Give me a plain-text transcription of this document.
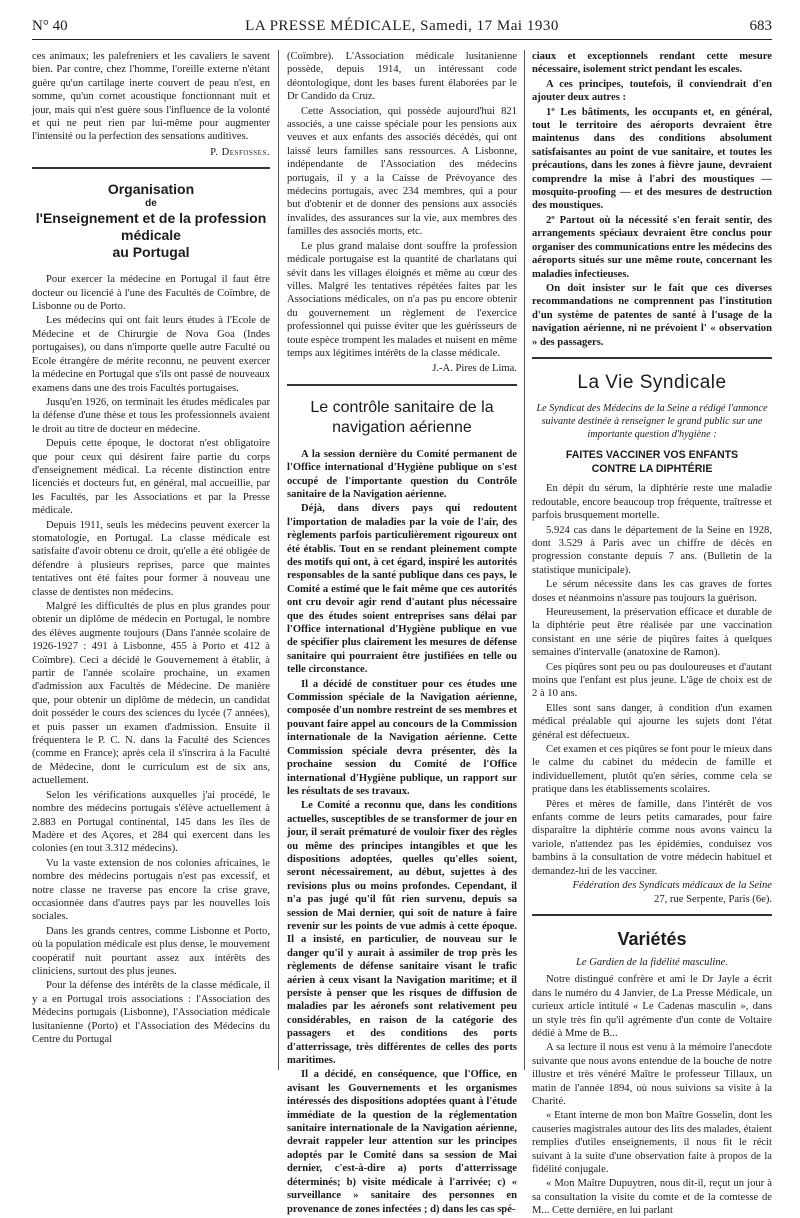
N° 40	LA PRESSE MÉDICALE, Samedi, 17 Mai 1930	683

ces animaux; les palefreniers et les cavaliers le savent bien. Par contre, chez l'homme, l'oreille externe n'étant guère qu'un cartilage inerte couvert de peau n'est, en somme, qu'un cornet acoustique fonctionnant nuit et jour, mais qui n'est guère sous l'influence de la volonté et qui ne peut rien par lui-même pour augmenter l'intensité ou la perfection des sensations auditives.

P. Desfosses.
Organisation
de
l'Enseignement et de la profession médicale
au Portugal

Pour exercer la médecine en Portugal il faut être docteur ou licencié à l'une des Facultés de Coïmbre, de Lisbonne ou de Porto.

Les médecins qui ont fait leurs études à l'Ecole de Médecine et de Chirurgie de Nova Goa (Indes portugaises), ou dans n'importe quelle autre Faculté ou Ecole étrangère de mérite reconnu, ne peuvent exercer la médecine en Portugal que s'ils ont passé de nouveaux examens dans une des trois Facultés portugaises.

Jusqu'en 1926, on terminait les études médicales par la défense d'une thèse et tous les professionnels avaient le droit au titre de docteur en médecine.

Depuis cette époque, le doctorat n'est obligatoire que pour ceux qui désirent faire partie du corps d'enseignement médical. La récente distinction entre licenciés et docteurs fut, en général, mal accueillie, par les Facultés, par les Associations et par la Presse médicale.

Depuis 1911, seuls les médecins peuvent exercer la stomatologie, en Portugal. La classe médicale est satisfaite d'avoir obtenu ce droit, qu'elle a été obligée de défendre à plusieurs reprises, parce que maintes tentatives ont été faites pour former à nouveau une classe de dentistes non médecins.

Malgré les difficultés de plus en plus grandes pour obtenir un diplôme de médecin en Portugal, le nombre des élèves augmente toujours (Dans l'année scolaire de 1926-1927 : 491 à Lisbonne, 455 à Porto et 412 à Coïmbre). Ceci a décidé le Gouvernement à établir, à partir de l'année scolaire prochaine, un examen d'admission aux Facultés de Médecine. De manière que, pour obtenir un diplôme de médecin, un candidat doit posséder le cours des sciences du lycée (7 années), et puis passer un examen d'admission. Ensuite il fréquentera le P. C. N. dans la Faculté des Sciences (comme en France); après cela il s'inscrira à la Faculté de Médecine, dont le curriculum est de six ans, actuellement.

Selon les vérifications auxquelles j'ai procédé, le nombre des médecins portugais s'élève actuellement à 2.883 en Portugal continental, 145 dans les îles de Madère et des Açores, et 284 qui exercent dans les colonies (en tout 3.312 médecins).

Vu la vaste extension de nos colonies africaines, le nombre des médecins portugais n'est pas excessif, et notre classe ne traverse pas encore la crise grave, occasionnée dans d'autres pays par les nouvelles lois sociales.

Dans les grands centres, comme Lisbonne et Porto, où la population médicale est plus dense, le mouvement coopératif nuit pourtant assez aux intérêts des cliniciens, surtout des plus jeunes.

Pour la défense des intérêts de la classe médicale, il y a en Portugal trois associations : l'Association des Médecins portugais (Lisbonne), l'Association médicale lusitanienne (Porto) et l'Association des Médecins du Centre du Portugal

(Coïmbre). L'Association médicale lusitanienne possède, depuis 1914, un intéressant code déontologique, dont les bases furent élaborées par le Dr Candido da Cruz.

Cette Association, qui possède aujourd'hui 821 associés, a une caisse spéciale pour les pensions aux veuves et aux enfants des associés décédés, qui ont laissé leurs familles sans ressources. A Lisbonne, indépendante de l'Association des médecins portugais, il y a la Caisse de Prévoyance des médecins portugais, avec 234 membres, qui a pour but d'obtenir et de donner des pensions aux associés invalides, des assurances sur la vie, aux membres des familles des associés morts, etc.

Le plus grand malaise dont souffre la profession médicale portugaise est la quantité de charlatans qui sévit dans les villages éloignés et même au cœur des villes. Malgré les tentatives répétées faites par les Associations médicales, on n'a pas pu encore obtenir du gouvernement un règlement de l'exercice professionnel qui puisse éviter que les guérisseurs de toute espèce trompent les malades et nuisent en même temps aux légitimes intérêts de la classe médicale.

J.-A. Pires de Lima.
Le contrôle sanitaire de la navigation aérienne

A la session dernière du Comité permanent de l'Office international d'Hygiène publique on s'est occupé de l'importante question du Contrôle sanitaire de la Navigation aérienne.

Déjà, dans divers pays qui redoutent l'importation de maladies par la voie de l'air, des règlements parfois particulièrement rigoureux ont été établis. Tout en se rendant pleinement compte des motifs qui ont, à cet égard, inspiré les autorités responsables de la santé publique dans ces pays, le Comité a estimé que le fait même que ces autorités ont cru devoir agir rend d'autant plus nécessaire que des études soient entreprises sans délai par l'Office international d'Hygiène publique en vue de spécifier plus clairement les mesures de défense sanitaire qui pourraient être justifiées en telle ou telle circonstance.

Il a décidé de constituer pour ces études une Commission spéciale de la Navigation aérienne, composée d'un nombre restreint de ses membres et pouvant faire appel au concours de la Commission internationale de la Navigation aérienne. Cette Commission spéciale devra présenter, dès la prochaine session du Comité de l'Office international d'Hygiène publique, un rapport sur les résultats de ses travaux.

Le Comité a reconnu que, dans les conditions actuelles, susceptibles de se transformer de jour en jour, il serait prématuré de vouloir fixer des règles ou même des principes intangibles et que les dispositions adoptées, quelles qu'elles soient, seront nécessairement, au début, sujettes à des revisions plus ou moins profondes. Cependant, il n'a pas jugé qu'il fût rien survenu, depuis sa session de Mai dernier, qui soit de nature à faire revenir sur les points de vue admis à cette époque. Il a insisté, en particulier, de nouveau sur le danger qu'il y aurait à assimiler de trop près les règlements de défense sanitaire visant le trafic aérien à ceux visant la Navigation maritime; et il persiste à penser que les risques de diffusion de maladies par les aéronefs sont relativement peu considérables, en raison de la catégorie des passagers et des conditions des ports d'atterrissage, très différentes de celles des ports maritimes.

Il a décidé, en conséquence, que l'Office, en avisant les Gouvernements et les organismes intéressés des dispositions adoptées quant à l'étude immédiate de la question de la réglementation sanitaire internationale de la Navigation aérienne, devrait rappeler leur attention sur les principes adoptés par le Comité dans sa session de Mai dernier, c'est-à-dire a) ports d'atterrissage déterminés; b) visite médicale à l'arrivée; c) « surveillance » sanitaire des personnes en provenance de zones infectées ; d) dans les cas spé-

ciaux et exceptionnels rendant cette mesure nécessaire, isolement strict pendant les escales.

A ces principes, toutefois, il conviendrait d'en ajouter deux autres :

1º Les bâtiments, les occupants et, en général, tout le territoire des aéroports devraient être maintenus dans des conditions absolument satisfaisantes au point de vue sanitaire, et toutes les précautions, dans les zones à fièvre jaune, devraient comprendre la mise à l'abri des moustiques — mosquito-proofing — et des mesures de destruction des moustiques.

2º Partout où la nécessité s'en ferait sentir, des arrangements spéciaux devraient être conclus pour organiser des communications entre les médecins des aéroports situés sur une même route, concernant les maladies infectieuses.

On doit insister sur le fait que ces diverses recommandations ne comprennent pas l'institution d'un système de patentes de santé à l'usage de la navigation aérienne, ni ne prévoient l' « observation » des passagers.

La Vie Syndicale
Le Syndicat des Médecins de la Seine a rédigé l'annonce suivante destinée à renseigner le grand public sur une importante question d'hygiène :
FAITES VACCINER VOS ENFANTS
CONTRE LA DIPHTÉRIE

En dépit du sérum, la diphtérie reste une maladie redoutable, encore beaucoup trop fréquente, traîtresse et parfois brusquement mortelle.

5.924 cas dans le département de la Seine en 1928, dont 3.529 à Paris avec un chiffre de décès en progression constante depuis 7 ans. (Bulletin de la statistique municipale).

Le sérum nécessite dans les cas graves de fortes doses et néanmoins n'assure pas toujours la guérison.

Heureusement, la préservation efficace et durable de la diphtérie peut être réalisée par une vaccination consistant en une série de piqûres faites à quelques semaines d'intervalle (anatoxine de Ramon).

Ces piqûres sont peu ou pas douloureuses et d'autant moins que l'enfant est plus jeune. L'âge de choix est de 2 à 10 ans.

Elles sont sans danger, à condition d'un examen médical préalable qui ajourne les sujets dont l'état général est défectueux.

Cet examen et ces piqûres se font pour le mieux dans le calme du cabinet du médecin de famille et individuellement, plutôt qu'en séries, comme cela se pratique dans les établissements scolaires.

Pères et mères de famille, dans l'intérêt de vos enfants comme de leurs petits camarades, pour faire disparaître la diphtérie comme nous avons vaincu la variole, n'attendez pas les épidémies, conduisez vos bambins à la consultation de votre médecin habituel et demandez-lui de les vacciner.

Fédération des Syndicats médicaux de la Seine
27, rue Serpente, Paris (6e).
Variétés
Le Gardien de la fidélité masculine.

Notre distingué confrère et ami le Dr Jayle a écrit dans le numéro du 4 Janvier, de La Presse Médicale, un curieux article intitulé « Le Cadenas masculin », dans un style très fin qu'il agrémente d'un conte de Voltaire dédié à Mme de B...

A sa lecture il nous est venu à la mémoire l'anecdote suivante que nous avons entendue de la bouche de notre illustre et très vénéré Maître le professeur Tillaux, un matin de l'année 1894, où nous suivions sa visite à la Charité.

« Etant interne de mon bon Maître Gosselin, dont les causeries magistrales autour des lits des malades, étaient remplies d'utiles enseignements, il nous fit le récit suivant à la suite d'une observation faite à propos de la fidélité conjugale.

« Mon Maître Dupuytren, nous dit-il, reçut un jour à sa consultation la visite du comte et de la comtesse de M... Cette dernière, en lui parlant
